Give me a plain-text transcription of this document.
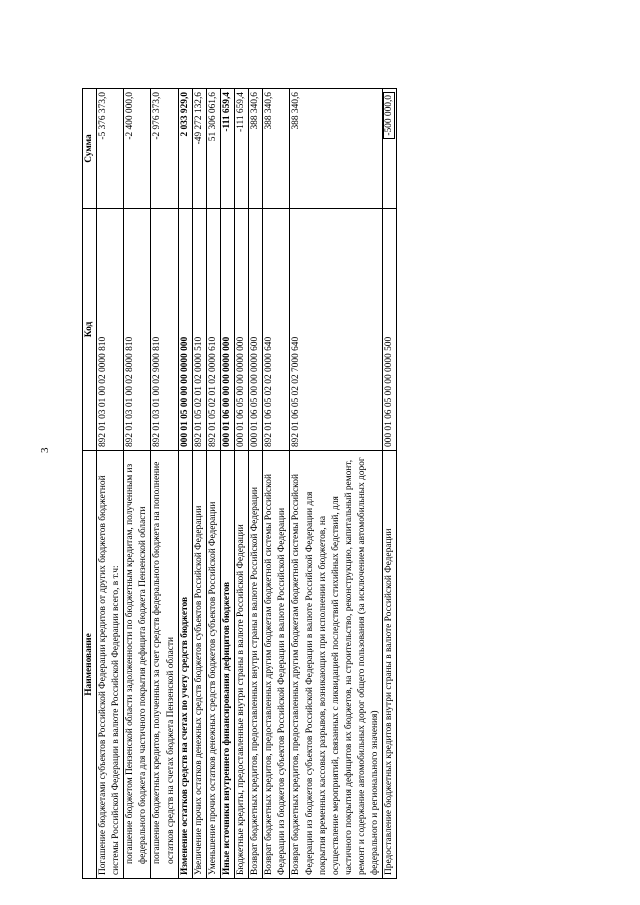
3
Наименование	Код	Сумма
Погашение бюджетами субъектов Российской Федерации кредитов от других бюджетов бюджетной системы Российской Федерации в валюте Российской Федерации всего, в т.ч:	892 01 03 01 00 02 0000 810	-5 376 373,0
погашение бюджетом Пензенской области задолженности по бюджетным кредитам, полученным из федерального бюджета для частичного покрытия дефицита бюджета Пензенской области	892 01 03 01 00 02 8000 810	-2 400 000,0
погашение бюджетных кредитов, полученных за счет средств федерального бюджета на пополнение остатков средств на счетах бюджета Пензенской области	892 01 03 01 00 02 9000 810	-2 976 373,0
Изменение остатков средств на счетах по учету средств бюджетов	000 01 05 00 00 00 0000 000	2 033 929,0
Увеличение прочих остатков денежных средств бюджетов субъектов Российской Федерации	892 01 05 02 01 02 0000 510	-49 272 132,6
Уменьшение прочих остатков денежных средств бюджетов субъектов Российской Федерации	892 01 05 02 01 02 0000 610	51 306 061,6
Иные источники внутреннего финансирования дефицитов бюджетов	000 01 06 00 00 00 0000 000	-111 659,4
Бюджетные кредиты, предоставленные внутри страны в валюте Российской Федерации	000 01 06 05 00 00 0000 000	-111 659,4
Возврат бюджетных кредитов, предоставленных внутри страны в валюте Российской Федерации	000 01 06 05 00 00 0000 600	388 340,6
Возврат бюджетных кредитов, предоставленных другим бюджетам бюджетной системы Российской Федерации из бюджетов субъектов Российской Федерации в валюте Российской Федерации	892 01 06 05 02 02 0000 640	388 340,6
Возврат бюджетных кредитов, предоставленных другим бюджетам бюджетной системы Российской Федерации из бюджетов субъектов Российской Федерации в валюте Российской Федерации для покрытия временных кассовых разрывов, возникающих при исполнении их бюджетов, на осуществление мероприятий, связанных с ликвидацией последствий стихийных бедствий, для частичного покрытия дефицитов их бюджетов, на строительство, реконструкцию, капитальный ремонт, ремонт и содержание автомобильных дорог общего пользования (за исключением автомобильных дорог федерального и регионального значения)	892 01 06 05 02 02 7000 640	388 340,6
Предоставление бюджетных кредитов внутри страны в валюте Российской Федерации	000 01 06 05 00 00 0000 500	-500 000,0
